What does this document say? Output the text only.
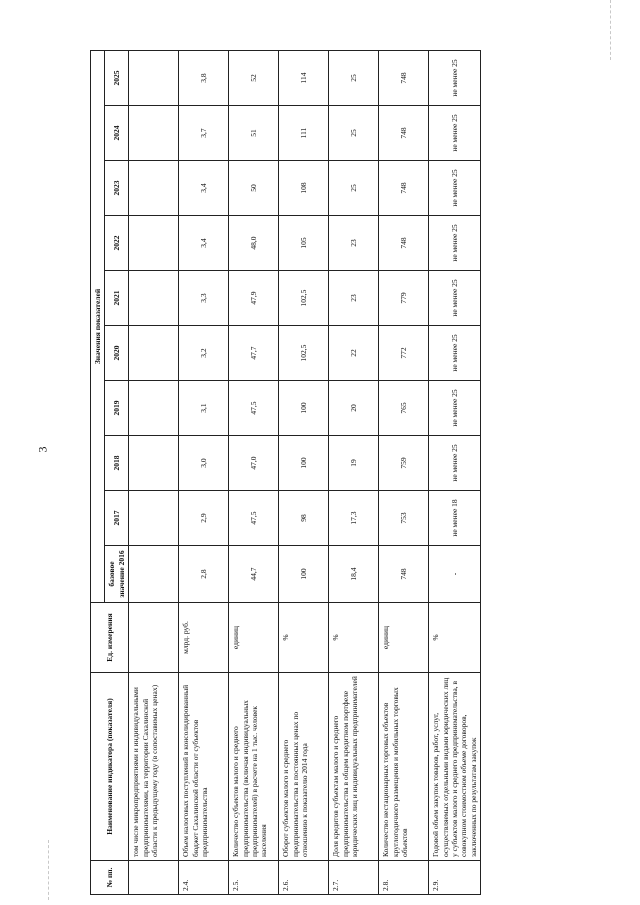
3
№ пп.	Наименование индикатора (показателя)	Ед. измерения	Значения показателей									
			базовое значение 2016	2017	2018	2019	2020	2021	2022	2023	2024	2025
	том числе микропредприятиями и индивидуальными предпринимателями, на территории Сахалинской области к предыдущему году (в сопоставимых ценах)											
2.4.	Объем налоговых поступлений в консолидированный бюджет Сахалинской области от субъектов предпринимательства	млрд. руб.	2,8	2,9	3,0	3,1	3,2	3,3	3,4	3,4	3,7	3,8
2.5.	Количество субъектов малого и среднего предпринимательства (включая индивидуальных предпринимателей) в расчете на 1 тыс. человек населения	единиц	44,7	47,5	47,0	47,5	47,7	47,9	48,0	50	51	52
2.6.	Оборот субъектов малого и среднего предпринимательства в постоянных ценах по отношению к показателю 2014 года	%	100	98	100	100	102,5	102,5	105	108	111	114
2.7.	Доля кредитов субъектам малого и среднего предпринимательства в общем кредитном портфеле юридических лиц и индивидуальных предпринимателей	%	18,4	17,3	19	20	22	23	23	25	25	25
2.8.	Количество нестационарных торговых объектов круглогодичного размещения и мобильных торговых объектов	единиц	748	753	759	765	772	779	748	748	748	748
2.9.	Годовой объем закупок товаров, работ, услуг, осуществляемых отдельными видами юридических лиц у субъектов малого и среднего предпринимательства, в совокупном стоимостном объеме договоров, заключенных по результатам закупок	%	-	не менее 18	не менее 25	не менее 25	не менее 25	не менее 25	не менее 25	не менее 25	не менее 25	не менее 25
